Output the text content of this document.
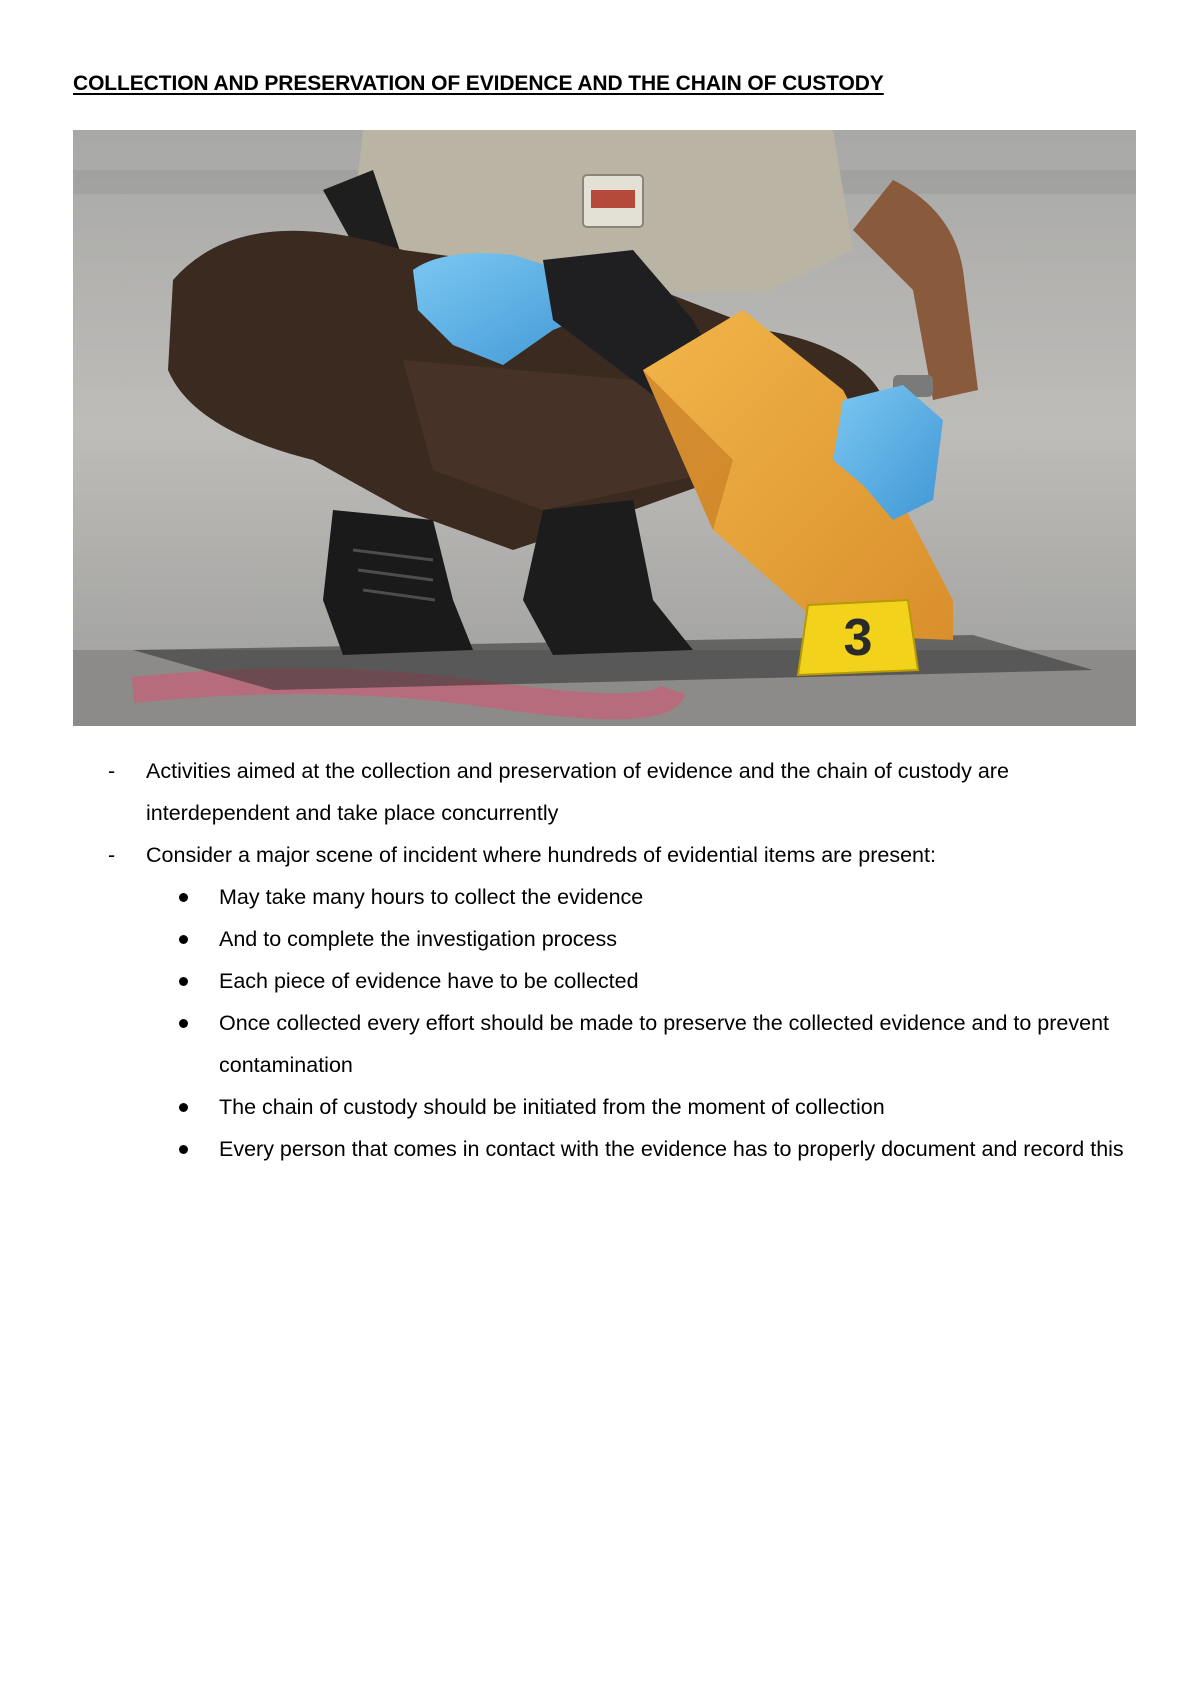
COLLECTION AND PRESERVATION OF EVIDENCE AND THE CHAIN OF CUSTODY
3
- Activities aimed at the collection and preservation of evidence and the chain of custody are interdependent and take place concurrently
- Consider a major scene of incident where hundreds of evidential items are present:
May take many hours to collect the evidence
And to complete the investigation process
Each piece of evidence have to be collected
Once collected every effort should be made to preserve the collected evidence and to prevent contamination
The chain of custody should be initiated from the moment of collection
Every person that comes in contact with the evidence has to properly document and record this
